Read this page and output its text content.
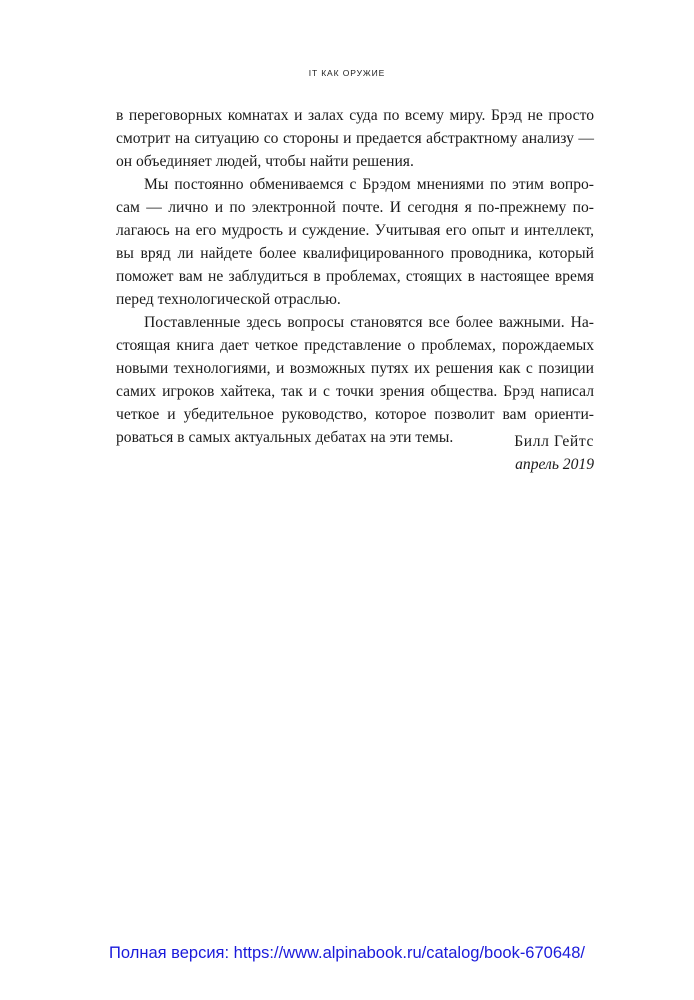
IT КАК ОРУЖИЕ
в переговорных комнатах и залах суда по всему миру. Брэд не просто
смотрит на ситуацию со стороны и предается абстрактному анализу —
он объединяет людей, чтобы найти решения.
Мы постоянно обмениваемся с Брэдом мнениями по этим вопро-
сам — лично и по электронной почте. И сегодня я по-прежнему по-
лагаюсь на его мудрость и суждение. Учитывая его опыт и интеллект,
вы вряд ли найдете более квалифицированного проводника, который
поможет вам не заблудиться в проблемах, стоящих в настоящее время
перед технологической отраслью.
Поставленные здесь вопросы становятся все более важными. На-
стоящая книга дает четкое представление о проблемах, порождаемых
новыми технологиями, и возможных путях их решения как с позиции
самих игроков хайтека, так и с точки зрения общества. Брэд написал
четкое и убедительное руководство, которое позволит вам ориенти-
роваться в самых актуальных дебатах на эти темы.	Билл Гейтс
апрель 2019
Полная версия: https://www.alpinabook.ru/catalog/book-670648/
